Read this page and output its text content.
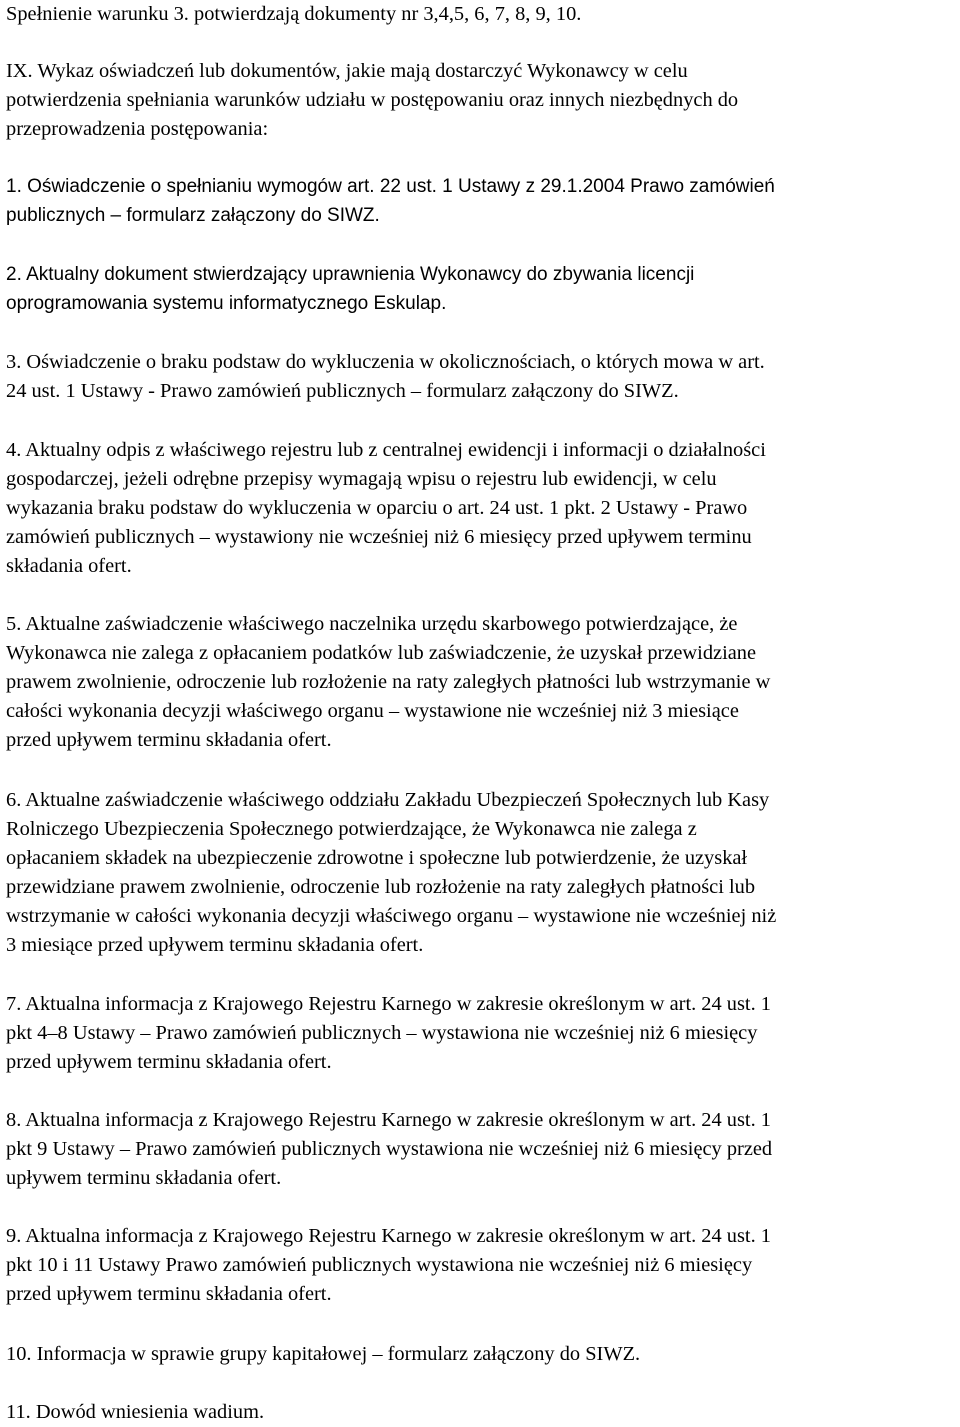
Spełnienie warunku 3. potwierdzają dokumenty nr 3,4,5, 6, 7, 8, 9, 10.

IX. Wykaz oświadczeń lub dokumentów, jakie mają dostarczyć Wykonawcy w celu
potwierdzenia spełniania warunków udziału w postępowaniu oraz innych niezbędnych do
przeprowadzenia postępowania:

1. Oświadczenie o spełnianiu wymogów art. 22 ust. 1 Ustawy z 29.1.2004 Prawo zamówień
publicznych – formularz załączony do SIWZ.

2. Aktualny dokument stwierdzający uprawnienia Wykonawcy do zbywania licencji
oprogramowania systemu informatycznego Eskulap.

3. Oświadczenie o braku podstaw do wykluczenia w okolicznościach, o których mowa w art.
24 ust. 1 Ustawy - Prawo zamówień publicznych – formularz załączony do SIWZ.

4. Aktualny odpis z właściwego rejestru lub z centralnej ewidencji i informacji o działalności
gospodarczej, jeżeli odrębne przepisy wymagają wpisu o rejestru lub ewidencji, w celu
wykazania braku podstaw do wykluczenia w oparciu o art. 24 ust. 1 pkt. 2 Ustawy - Prawo
zamówień publicznych – wystawiony nie wcześniej niż 6 miesięcy przed upływem terminu
składania ofert.

5. Aktualne zaświadczenie właściwego naczelnika urzędu skarbowego potwierdzające, że
Wykonawca nie zalega z opłacaniem podatków lub zaświadczenie, że uzyskał przewidziane
prawem zwolnienie, odroczenie lub rozłożenie na raty zaległych płatności lub wstrzymanie w
całości wykonania decyzji właściwego organu – wystawione nie wcześniej niż 3 miesiące
przed upływem terminu składania ofert.

6. Aktualne zaświadczenie właściwego oddziału Zakładu Ubezpieczeń Społecznych lub Kasy
Rolniczego Ubezpieczenia Społecznego potwierdzające, że Wykonawca nie zalega z
opłacaniem składek na ubezpieczenie zdrowotne i społeczne lub potwierdzenie, że uzyskał
przewidziane prawem zwolnienie, odroczenie lub rozłożenie na raty zaległych płatności lub
wstrzymanie w całości wykonania decyzji właściwego organu – wystawione nie wcześniej niż
3 miesiące przed upływem terminu składania ofert.

7. Aktualna informacja z Krajowego Rejestru Karnego w zakresie określonym w art. 24 ust. 1
pkt 4–8 Ustawy – Prawo zamówień publicznych – wystawiona nie wcześniej niż 6 miesięcy
przed upływem terminu składania ofert.

8. Aktualna informacja z Krajowego Rejestru Karnego w zakresie określonym w art. 24 ust. 1
pkt 9 Ustawy – Prawo zamówień publicznych wystawiona nie wcześniej niż 6 miesięcy przed
upływem terminu składania ofert.

9. Aktualna informacja z Krajowego Rejestru Karnego w zakresie określonym w art. 24 ust. 1
pkt 10 i 11 Ustawy Prawo zamówień publicznych wystawiona nie wcześniej niż 6 miesięcy
przed upływem terminu składania ofert.

10. Informacja w sprawie grupy kapitałowej – formularz załączony do SIWZ.

11. Dowód wniesienia wadium.
